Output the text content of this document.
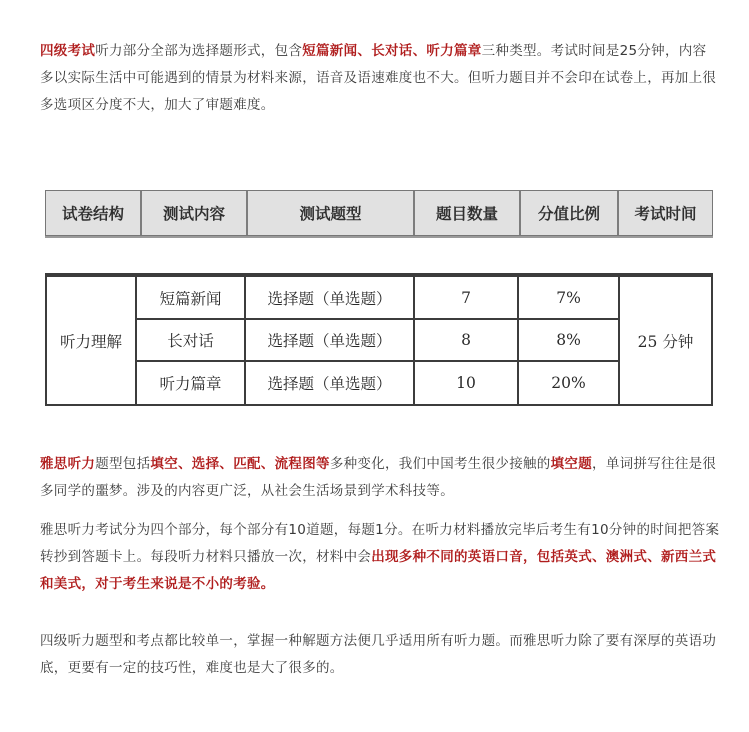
四级考试听力部分全部为选择题形式，包含短篇新闻、长对话、听力篇章三种类型。考试时间是25分钟，内容多以实际生活中可能遇到的情景为材料来源，语音及语速难度也不大。但听力题目并不会印在试卷上，再加上很多选项区分度不大，加大了审题难度。

试卷结构	测试内容	测试题型	题目数量	分值比例	考试时间
听力理解
短篇新闻	选择题（单选题）	7	7%
长对话	选择题（单选题）	8	8%
听力篇章	选择题（单选题）	10	20%
25 分钟

雅思听力题型包括填空、选择、匹配、流程图等多种变化，我们中国考生很少接触的填空题，单词拼写往往是很多同学的噩梦。涉及的内容更广泛，从社会生活场景到学术科技等。

雅思听力考试分为四个部分，每个部分有10道题，每题1分。在听力材料播放完毕后考生有10分钟的时间把答案转抄到答题卡上。每段听力材料只播放一次，材料中会出现多种不同的英语口音，包括英式、澳洲式、新西兰式和美式，对于考生来说是不小的考验。

四级听力题型和考点都比较单一，掌握一种解题方法便几乎适用所有听力题。而雅思听力除了要有深厚的英语功底，更要有一定的技巧性，难度也是大了很多的。
